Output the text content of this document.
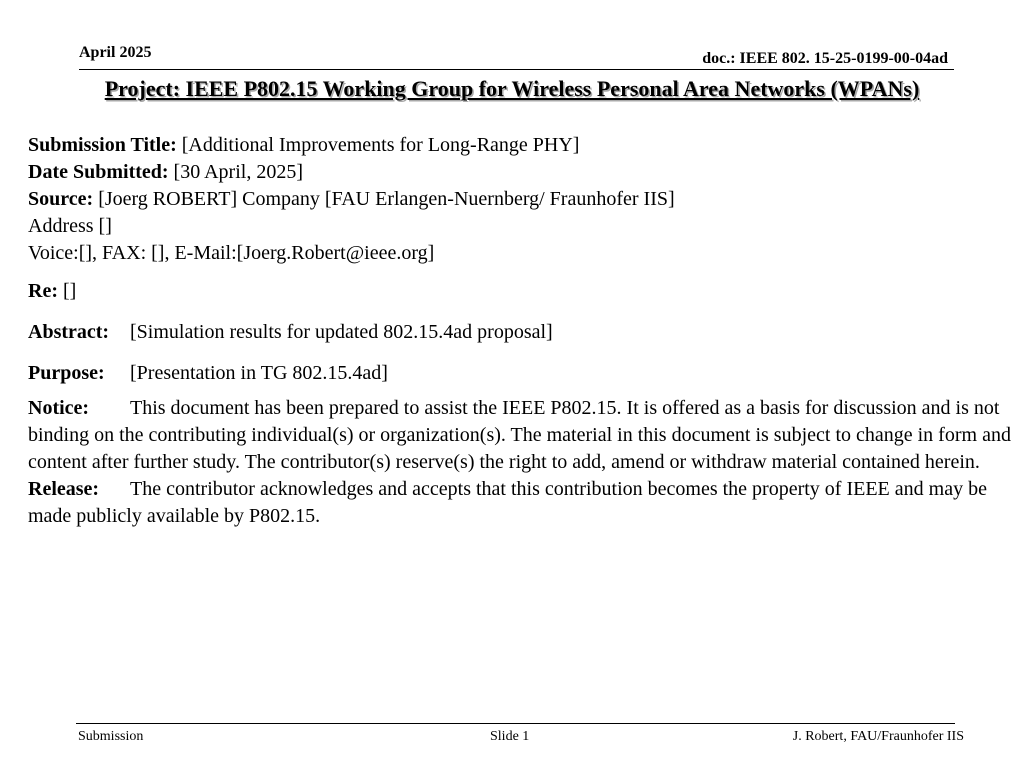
April 2025	doc.: IEEE 802. 15-25-0199-00-04ad
Project: IEEE P802.15 Working Group for Wireless Personal Area Networks (WPANs)
Submission Title: [Additional Improvements for Long-Range PHY]
Date Submitted: [30 April, 2025]
Source: [Joerg ROBERT] Company [FAU Erlangen-Nuernberg/ Fraunhofer IIS]
Address []
Voice:[], FAX: [], E-Mail:[Joerg.Robert@ieee.org]
Re: []
Abstract: [Simulation results for updated 802.15.4ad proposal]
Purpose: [Presentation in TG 802.15.4ad]
Notice: This document has been prepared to assist the IEEE P802.15. It is offered as a basis for discussion and is not binding on the contributing individual(s) or organization(s). The material in this document is subject to change in form and content after further study. The contributor(s) reserve(s) the right to add, amend or withdraw material contained herein.
Release: The contributor acknowledges and accepts that this contribution becomes the property of IEEE and may be made publicly available by P802.15.
Submission	Slide 1	J. Robert, FAU/Fraunhofer IIS
